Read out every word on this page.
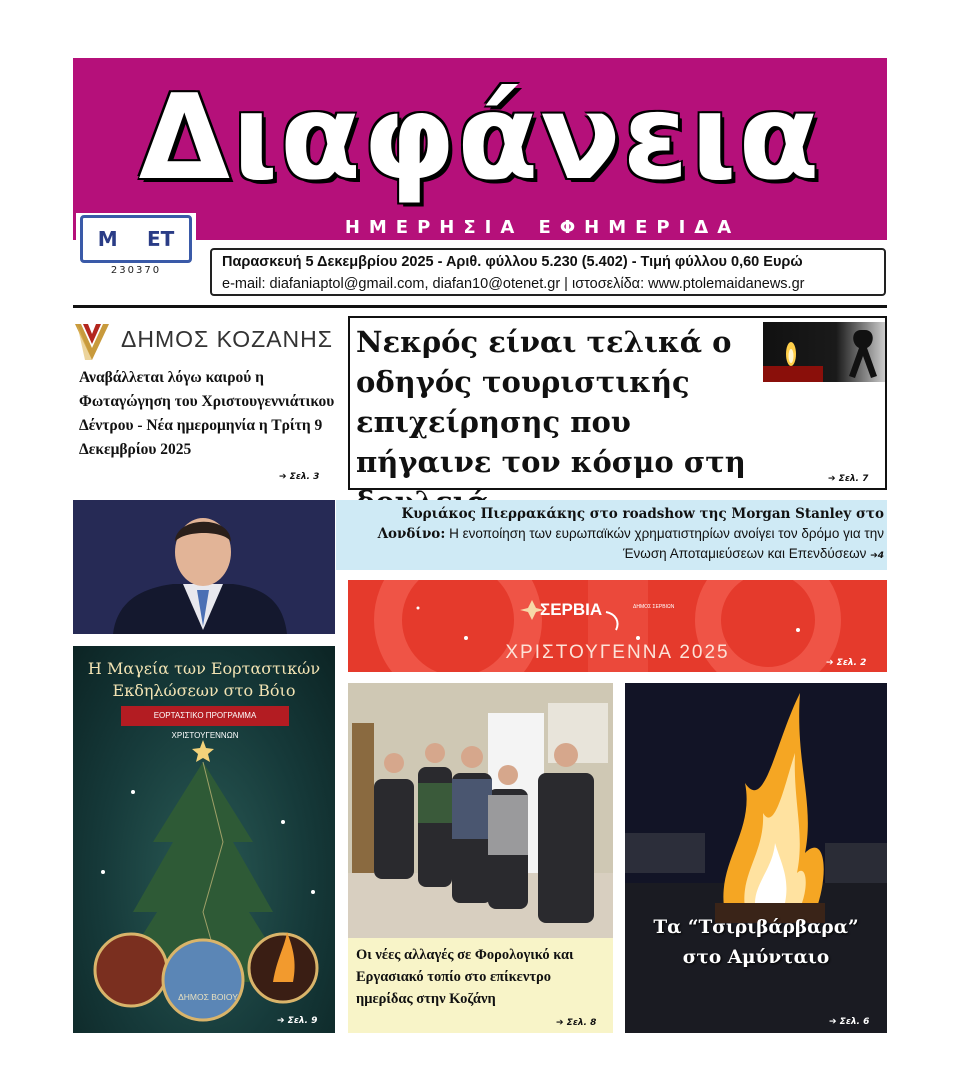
Διαφάνεια
ΗΜΕΡΗΣΙΑ ΕΦΗΜΕΡΙΔΑ
Μ ΕΤ
230370
Παρασκευή 5 Δεκεμβρίου 2025 - Αριθ. φύλλου 5.230 (5.402) - Τιμή φύλλου 0,60 Ευρώ
e-mail: diafaniaptol@gmail.com, diafan10@otenet.gr | ιστοσελίδα: www.ptolemaidanews.gr
ΔΗΜΟΣ ΚΟΖΑΝΗΣ
Αναβάλλεται λόγω καιρού η Φωταγώγηση του Χριστουγεννιάτικου Δέντρου - Νέα ημερομηνία η Τρίτη 9 Δεκεμβρίου 2025
➔ Σελ. 3
Νεκρός είναι τελικά ο οδηγός τουριστικής επιχείρησης που πήγαινε τον κόσμο στη	➔ Σελ. 7
Κυριάκος Πιερρακάκης στο roadshow της Morgan Stanley στο Λονδίνο: Η ενοποίηση των ευρωπαϊκών χρηματιστηρίων ανοίγει τον δρόμο για την Ένωση Αποταμιεύσεων και Επενδύσεων ➔4
ΣΕΡΒΙΑ	ΔΗΜΟΣ ΣΕΡΒΙΩΝ
ΧΡΙΣΤΟΥΓΕΝΝΑ 2025	➔ Σελ. 2
Η Μαγεία των Εορταστικών Εκδηλώσεων στο Βόιο
ΕΟΡΤΑΣΤΙΚΟ ΠΡΟΓΡΑΜΜΑ ΧΡΙΣΤΟΥΓΕΝΝΩΝ
ΔΗΜΟΣ ΒΟΙΟΥ
➔ Σελ. 9
Οι νέες αλλαγές σε Φορολογικό και Εργασιακό τοπίο στο επίκεντρο ημερίδας στην Κοζάνη
➔ Σελ. 8
Τα “Τσιριβάρβαρα”
στο Αμύνταιο
➔ Σελ. 6
